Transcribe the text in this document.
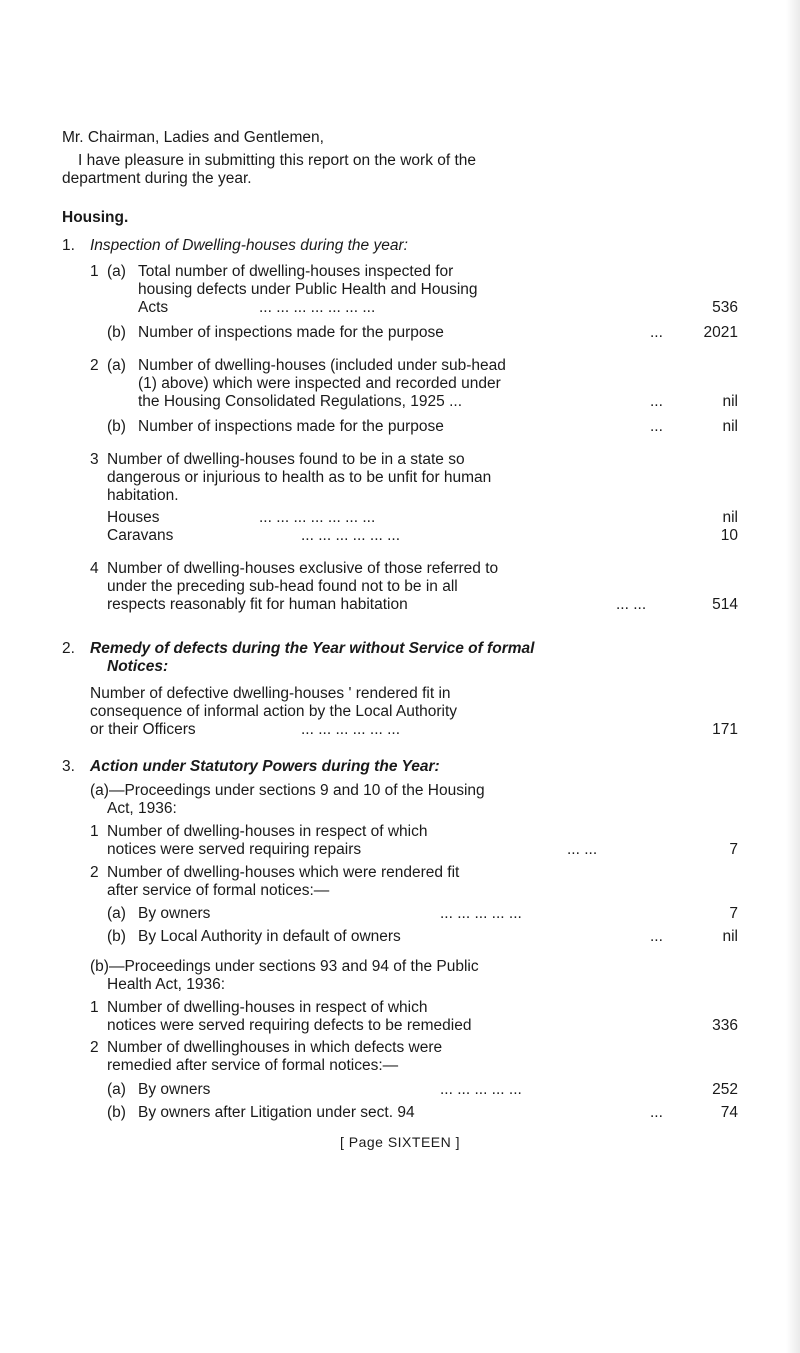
Mr. Chairman, Ladies and Gentlemen,
I have pleasure in submitting this report on the work of the
department during the year.
Housing.
1. Inspection of Dwelling-houses during the year:
1 (a) Total number of dwelling-houses inspected for
housing defects under Public Health and Housing
Acts	... ... ... ... ... ... ...	536
(b) Number of inspections made for the purpose	...	2021
2 (a) Number of dwelling-houses (included under sub-head
(1) above) which were inspected and recorded under
the Housing Consolidated Regulations, 1925 ...	...	nil
(b) Number of inspections made for the purpose	...	nil
3 Number of dwelling-houses found to be in a state so
dangerous or injurious to health as to be unfit for human
habitation.
Houses	... ... ... ... ... ... ...	nil
Caravans	... ... ... ... ... ...	10
4 Number of dwelling-houses exclusive of those referred to
under the preceding sub-head found not to be in all
respects reasonably fit for human habitation	... ...	514
2. Remedy of defects during the Year without Service of formal
Notices:
Number of defective dwelling-houses ' rendered fit in
consequence of informal action by the Local Authority
or their Officers	... ... ... ... ... ...	171
3. Action under Statutory Powers during the Year:
(a)—Proceedings under sections 9 and 10 of the Housing
Act, 1936:
1 Number of dwelling-houses in respect of which
notices were served requiring repairs	... ...	7
2 Number of dwelling-houses which were rendered fit
after service of formal notices:—
(a) By owners	... ... ... ... ...	7
(b) By Local Authority in default of owners	...	nil
(b)—Proceedings under sections 93 and 94 of the Public
Health Act, 1936:
1 Number of dwelling-houses in respect of which
notices were served requiring defects to be remedied	336
2 Number of dwellinghouses in which defects were
remedied after service of formal notices:—
(a) By owners	... ... ... ... ...	252
(b) By owners after Litigation under sect. 94	...	74
[ Page SIXTEEN ]
